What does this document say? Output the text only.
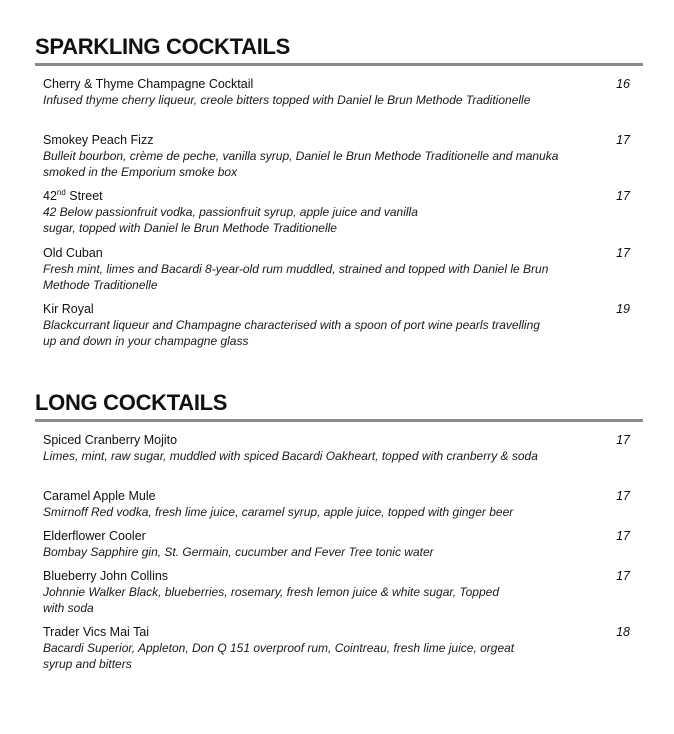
SPARKLING COCKTAILS
Cherry & Thyme Champagne Cocktail
Infused thyme cherry liqueur, creole bitters topped with Daniel le Brun Methode Traditionelle
16
Smokey Peach Fizz
Bulleit bourbon, crème de peche, vanilla syrup, Daniel le Brun Methode Traditionelle and manuka smoked in the Emporium smoke box
17
42nd Street
42 Below passionfruit vodka, passionfruit syrup, apple juice and vanilla sugar, topped with Daniel le Brun Methode Traditionelle
17
Old Cuban
Fresh mint, limes and Bacardi 8-year-old rum muddled, strained and topped with Daniel le Brun Methode Traditionelle
17
Kir Royal
Blackcurrant liqueur and Champagne characterised with a spoon of port wine pearls travelling up and down in your champagne glass
19
LONG COCKTAILS
Spiced Cranberry Mojito
Limes, mint, raw sugar, muddled with spiced Bacardi Oakheart, topped with cranberry & soda
17
Caramel Apple Mule
Smirnoff Red vodka, fresh lime juice, caramel syrup, apple juice, topped with ginger beer
17
Elderflower Cooler
Bombay Sapphire gin, St. Germain, cucumber and Fever Tree tonic water
17
Blueberry John Collins
Johnnie Walker Black, blueberries, rosemary, fresh lemon juice & white sugar, Topped with soda
17
Trader Vics Mai Tai
Bacardi Superior, Appleton, Don Q 151 overproof rum, Cointreau, fresh lime juice, orgeat syrup and bitters
18
